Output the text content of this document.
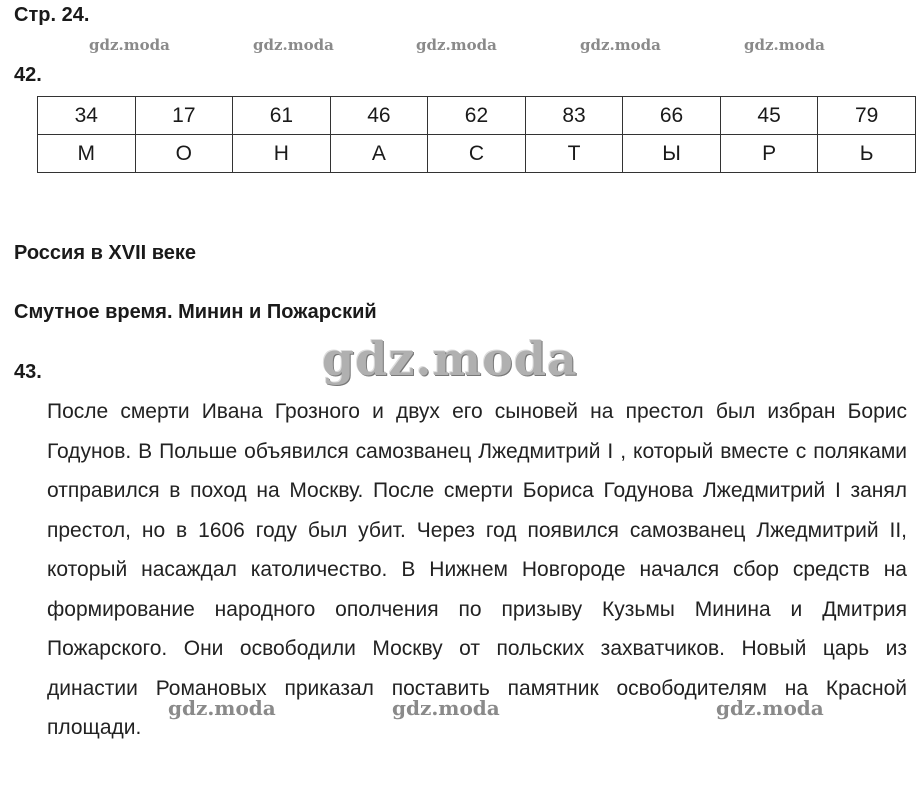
Стр. 24.
gdz.moda	gdz.moda	gdz.moda	gdz.moda	gdz.moda
42.
34	17	61	46	62	83	66	45	79
М	О	Н	А	С	Т	Ы	Р	Ь
Россия в XVII веке
Смутное время. Минин и Пожарский
43.	gdz.moda
После смерти Ивана Грозного и двух его сыновей на престол был избран Борис Годунов. В Польше объявился самозванец Лжедмитрий I , который вместе с поляками отправился в поход на Москву. После смерти Бориса Годунова Лжедмитрий I занял престол, но в 1606 году был убит. Через год появился самозванец Лжедмитрий II, который насаждал католичество. В Нижнем Новгороде начался сбор средств на формирование народного ополчения по призыву Кузьмы Минина и Дмитрия Пожарского. Они освободили Москву от польских захватчиков. Новый царь из династии Романовых приказал поставить памятник освободителям на Красной площади.
gdz.moda	gdz.moda	gdz.moda
